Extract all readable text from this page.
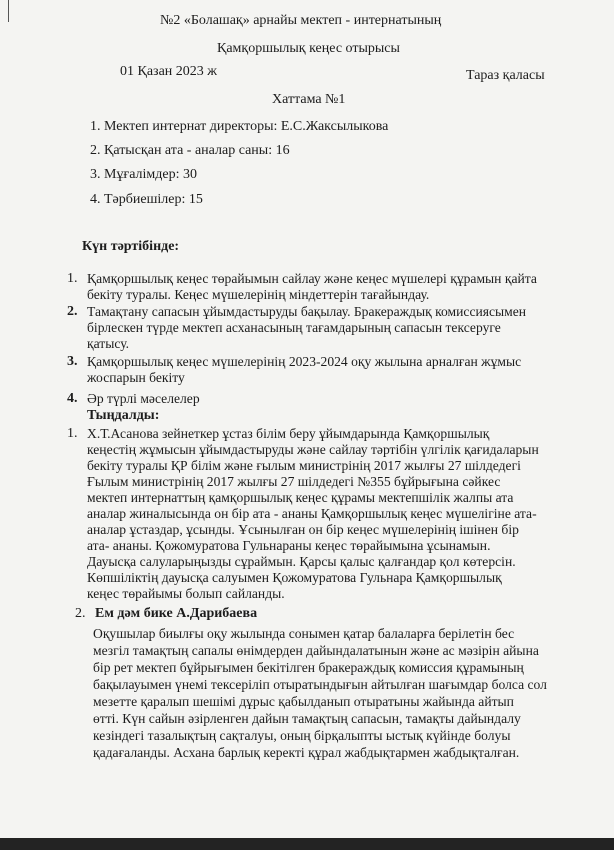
№2 «Болашақ» арнайы мектеп - интернатының
Қамқоршылық кеңес отырысы
01 Қазан 2023 ж	Тараз қаласы
Хаттама №1
1. Мектеп интернат директоры: Е.С.Жаксылыкова
2. Қатысқан ата - аналар саны: 16
3. Мұғалімдер: 30
4. Тәрбиешілер: 15
Күн тәртібінде:
1. Қамқоршылық кеңес төрайымын сайлау және кеңес мүшелері құрамын қайта
бекіту туралы. Кеңес мүшелерінің міндеттерін тағайындау.
2. Тамақтану сапасын ұйымдастыруды бақылау. Бракераждық комиссиясымен
бірлескен түрде мектеп асханасының тағамдарының сапасын тексеруге
қатысу.
3. Қамқоршылық кеңес мүшелерінің 2023-2024 оқу жылына арналған жұмыс
жоспарын бекіту
4. Әр түрлі мәселелер
Тыңдалды:
1. Х.Т.Асанова зейнеткер ұстаз білім беру ұйымдарында Қамқоршылық
кеңестің жұмысын ұйымдастыруды және сайлау тәртібін үлгілік қағидаларын
бекіту туралы ҚР білім және ғылым министрінің 2017 жылғы 27 шілдедегі
Ғылым министрінің 2017 жылғы 27 шілдедегі №355 бұйрығына сәйкес
мектеп интернаттың қамқоршылық кеңес құрамы мектепшілік жалпы ата
аналар жиналысында он бір ата - ананы Қамқоршылық кеңес мүшелігіне ата-
аналар ұстаздар, ұсынды. Ұсынылған он бір кеңес мүшелерінің ішінен бір
ата- ананы. Қожомуратова Гульнараны кеңес төрайымына ұсынамын.
Дауысқа салуларыңызды сұраймын. Қарсы қалыс қалғандар қол көтерсін.
Көпшіліктің дауысқа салуымен Қожомуратова Гульнара Қамқоршылық
кеңес төрайымы болып сайланды.
2. Ем дәм бике А.Дарибаева
Оқушылар биылғы оқу жылында сонымен қатар балаларға берілетін бес
мезгіл тамақтың сапалы өнімдерден дайындалатынын және ас мәзірін айына
бір рет мектеп бұйрығымен бекітілген бракераждық комиссия құрамының
бақылауымен үнемі тексеріліп отыратындығын айтылған шағымдар болса сол
мезетте қаралып шешімі дұрыс қабылданып отыратыны жайында айтып
өтті. Күн сайын әзірленген дайын тамақтың сапасын, тамақты дайындалу
кезіндегі тазалықтың сақталуы, оның бірқалыпты ыстық күйінде болуы
қадағаланды. Асхана барлық керекті құрал жабдықтармен жабдықталған.
